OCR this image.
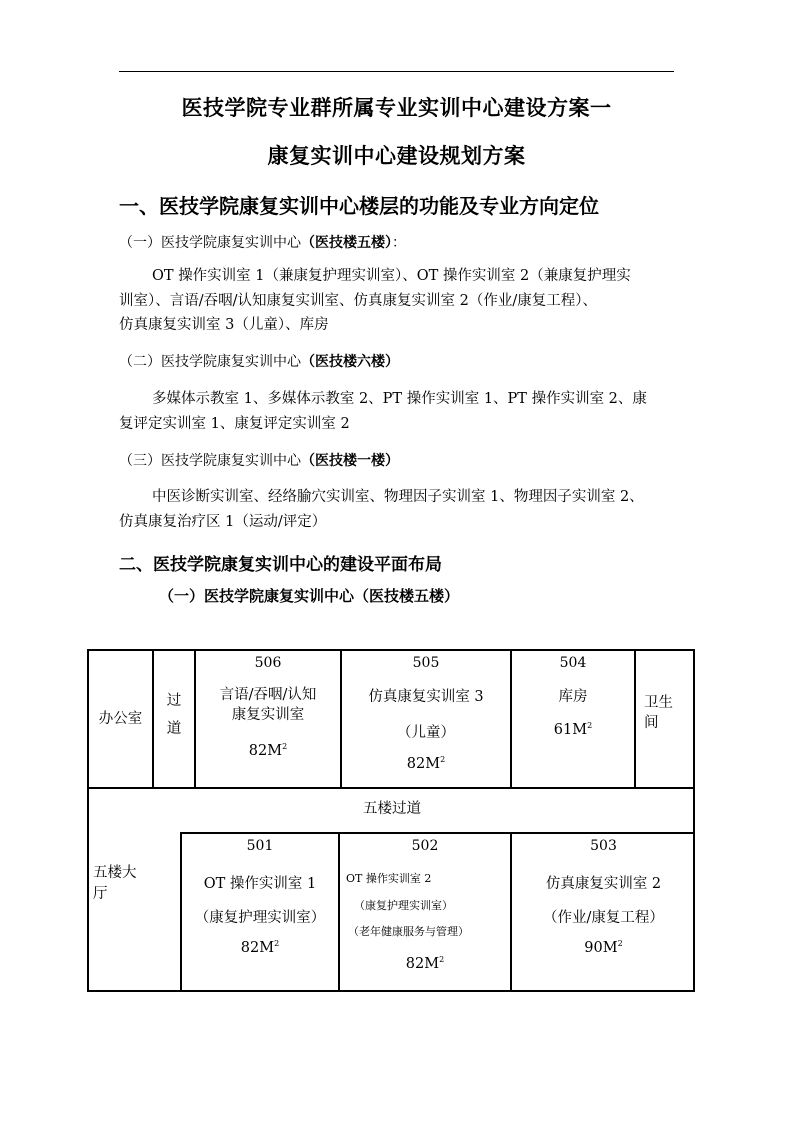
医技学院专业群所属专业实训中心建设方案一
康复实训中心建设规划方案
一、医技学院康复实训中心楼层的功能及专业方向定位
（一）医技学院康复实训中心（医技楼五楼）：
OT 操作实训室 1（兼康复护理实训室）、OT 操作实训室 2（兼康复护理实
训室）、言语/吞咽/认知康复实训室、仿真康复实训室 2（作业/康复工程）、
仿真康复实训室 3（儿童）、库房
（二）医技学院康复实训中心（医技楼六楼）
多媒体示教室 1、多媒体示教室 2、PT 操作实训室 1、PT 操作实训室 2、康
复评定实训室 1、康复评定实训室 2
（三）医技学院康复实训中心（医技楼一楼）
中医诊断实训室、经络腧穴实训室、物理因子实训室 1、物理因子实训室 2、
仿真康复治疗区 1（运动/评定）
二、医技学院康复实训中心的建设平面布局
（一）医技学院康复实训中心（医技楼五楼）
办公室
过
道
506
言语/吞咽/认知
康复实训室
$82M^2$
505
仿真康复实训室 3
（儿童）
$82M^2$
504
库房
$61M^2$
卫生
间
五楼过道
五楼大
厅
501
OT 操作实训室 1
（康复护理实训室）
$82M^2$
502
OT 操作实训室 2
（康复护理实训室）
（老年健康服务与管理）
$82M^2$
503
仿真康复实训室 2
（作业/康复工程）
$90M^2$
